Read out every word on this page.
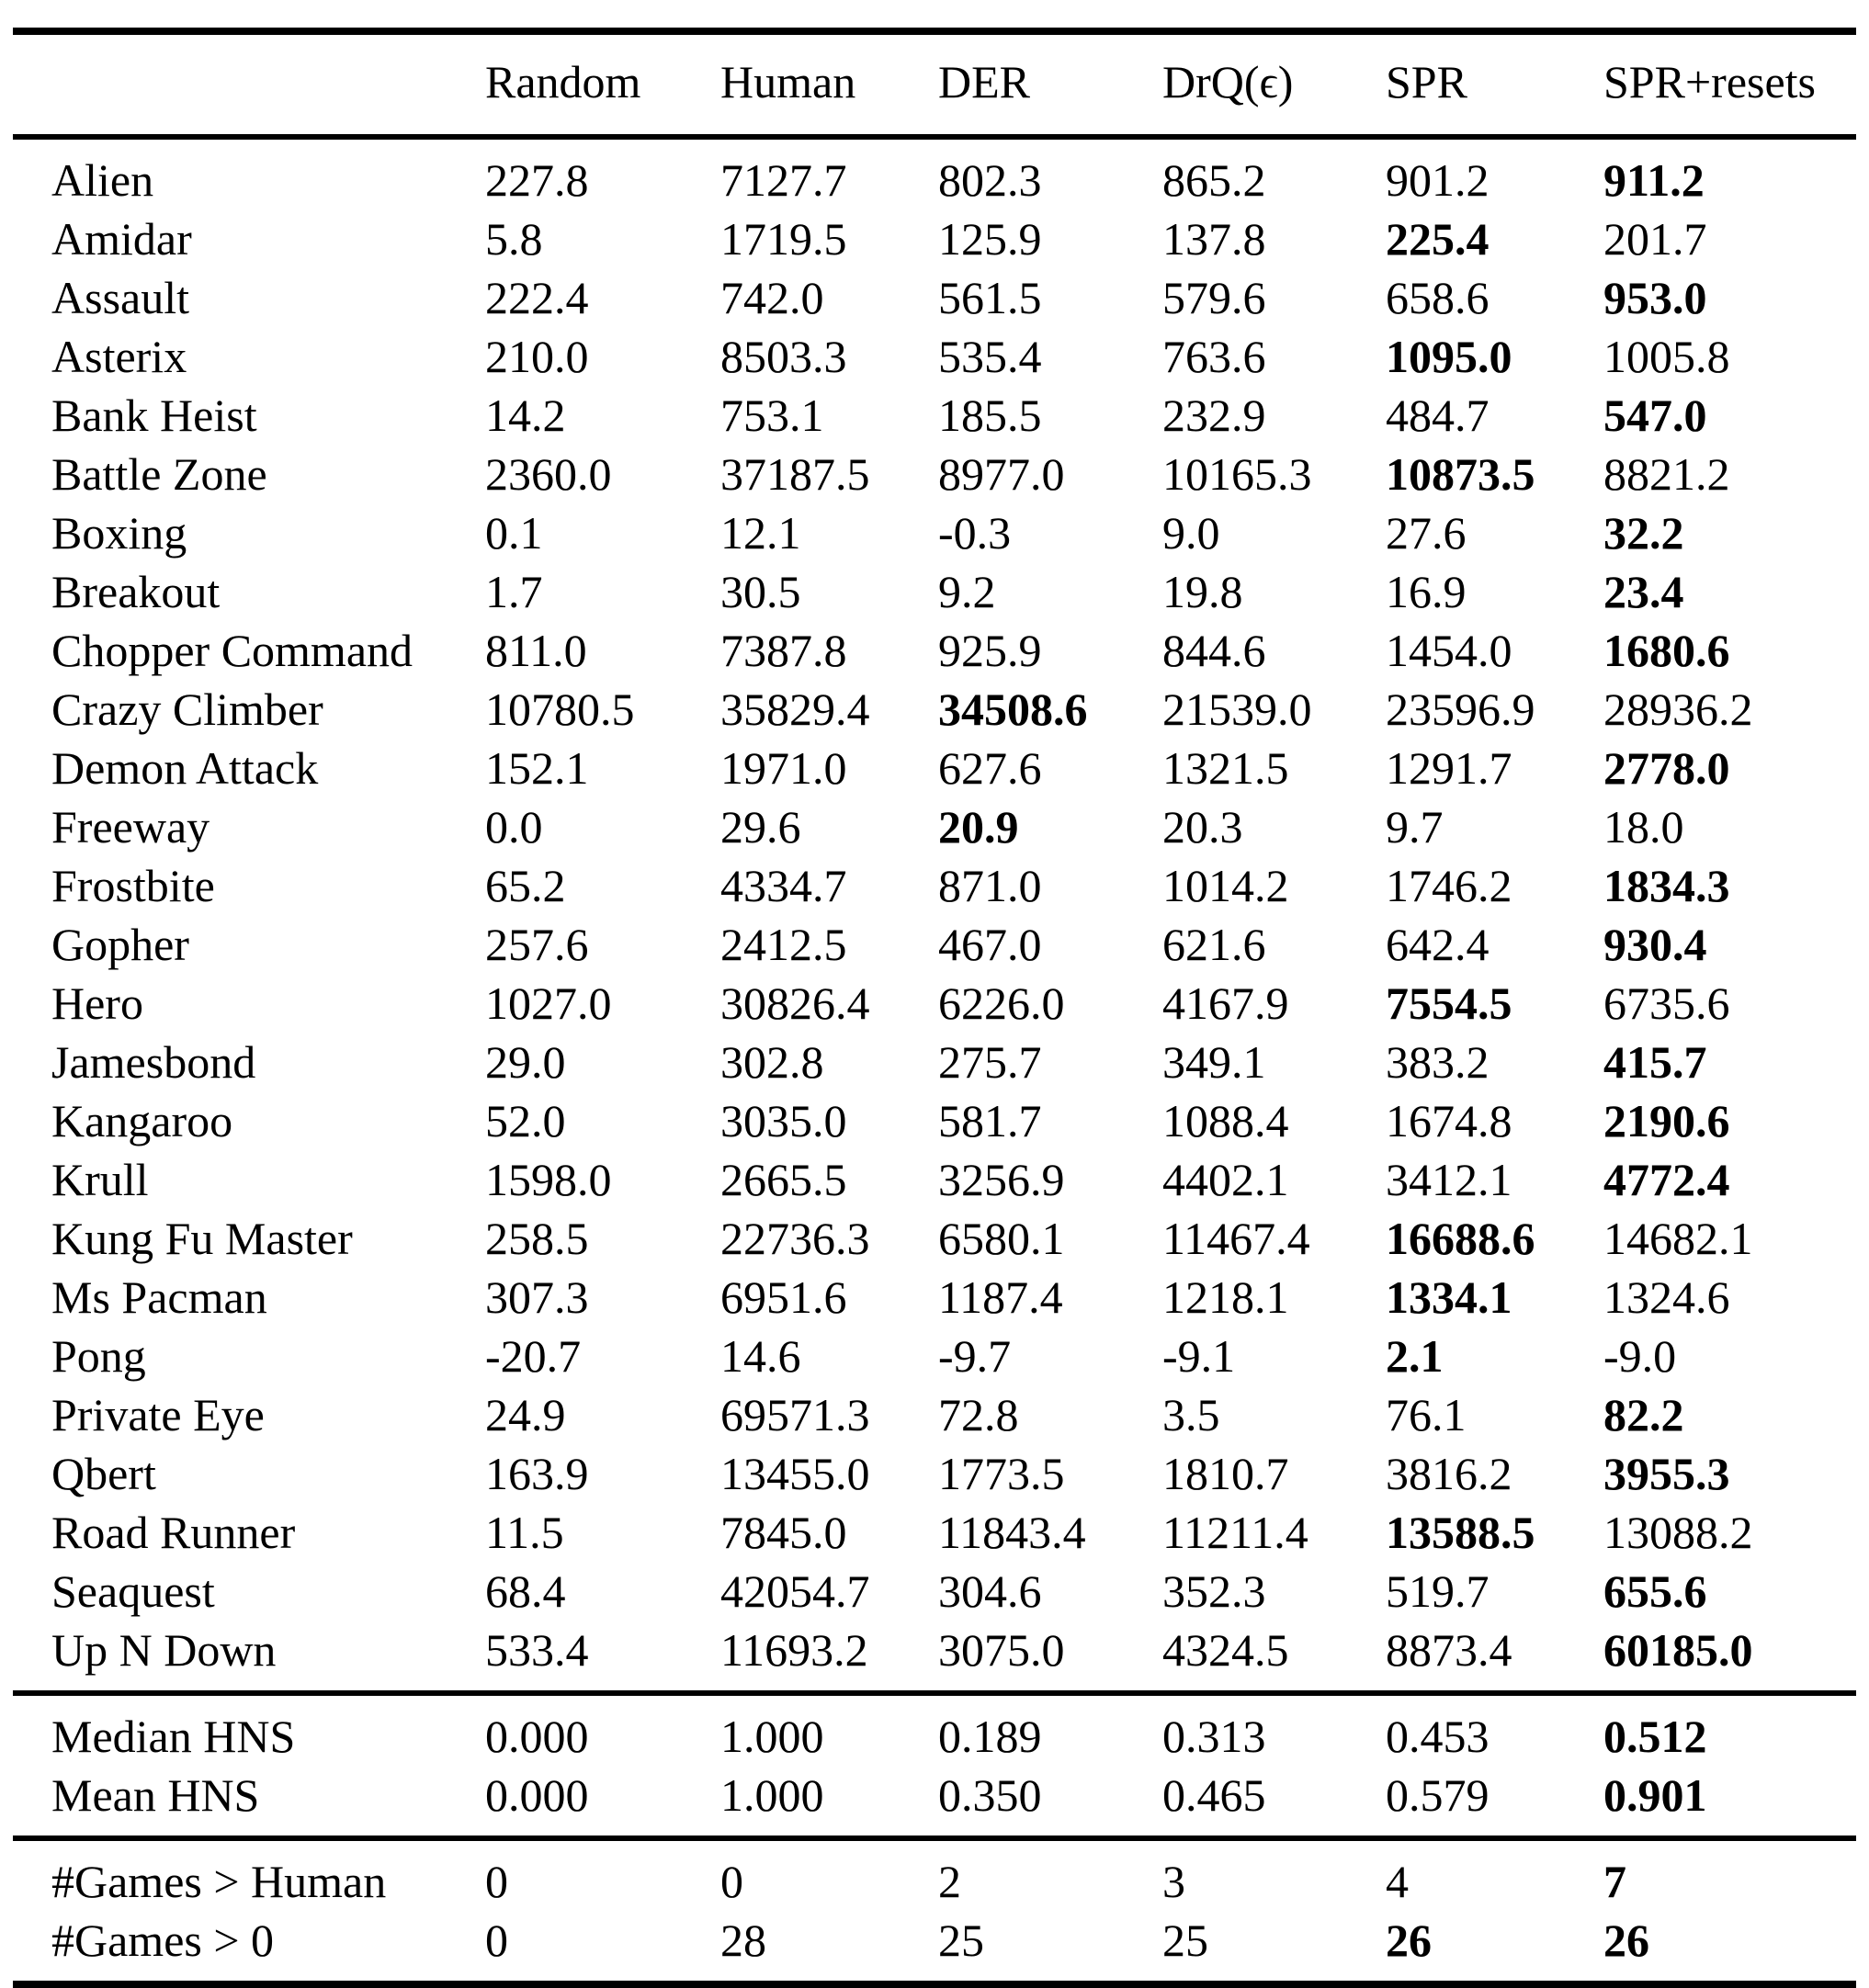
	Random	Human	DER	DrQ(ϵ)	SPR	SPR+resets
Alien	227.8	7127.7	802.3	865.2	901.2	911.2
Amidar	5.8	1719.5	125.9	137.8	225.4	201.7
Assault	222.4	742.0	561.5	579.6	658.6	953.0
Asterix	210.0	8503.3	535.4	763.6	1095.0	1005.8
Bank Heist	14.2	753.1	185.5	232.9	484.7	547.0
Battle Zone	2360.0	37187.5	8977.0	10165.3	10873.5	8821.2
Boxing	0.1	12.1	-0.3	9.0	27.6	32.2
Breakout	1.7	30.5	9.2	19.8	16.9	23.4
Chopper Command	811.0	7387.8	925.9	844.6	1454.0	1680.6
Crazy Climber	10780.5	35829.4	34508.6	21539.0	23596.9	28936.2
Demon Attack	152.1	1971.0	627.6	1321.5	1291.7	2778.0
Freeway	0.0	29.6	20.9	20.3	9.7	18.0
Frostbite	65.2	4334.7	871.0	1014.2	1746.2	1834.3
Gopher	257.6	2412.5	467.0	621.6	642.4	930.4
Hero	1027.0	30826.4	6226.0	4167.9	7554.5	6735.6
Jamesbond	29.0	302.8	275.7	349.1	383.2	415.7
Kangaroo	52.0	3035.0	581.7	1088.4	1674.8	2190.6
Krull	1598.0	2665.5	3256.9	4402.1	3412.1	4772.4
Kung Fu Master	258.5	22736.3	6580.1	11467.4	16688.6	14682.1
Ms Pacman	307.3	6951.6	1187.4	1218.1	1334.1	1324.6
Pong	-20.7	14.6	-9.7	-9.1	2.1	-9.0
Private Eye	24.9	69571.3	72.8	3.5	76.1	82.2
Qbert	163.9	13455.0	1773.5	1810.7	3816.2	3955.3
Road Runner	11.5	7845.0	11843.4	11211.4	13588.5	13088.2
Seaquest	68.4	42054.7	304.6	352.3	519.7	655.6
Up N Down	533.4	11693.2	3075.0	4324.5	8873.4	60185.0
Median HNS	0.000	1.000	0.189	0.313	0.453	0.512
Mean HNS	0.000	1.000	0.350	0.465	0.579	0.901
#Games > Human	0	0	2	3	4	7
#Games > 0	0	28	25	25	26	26
